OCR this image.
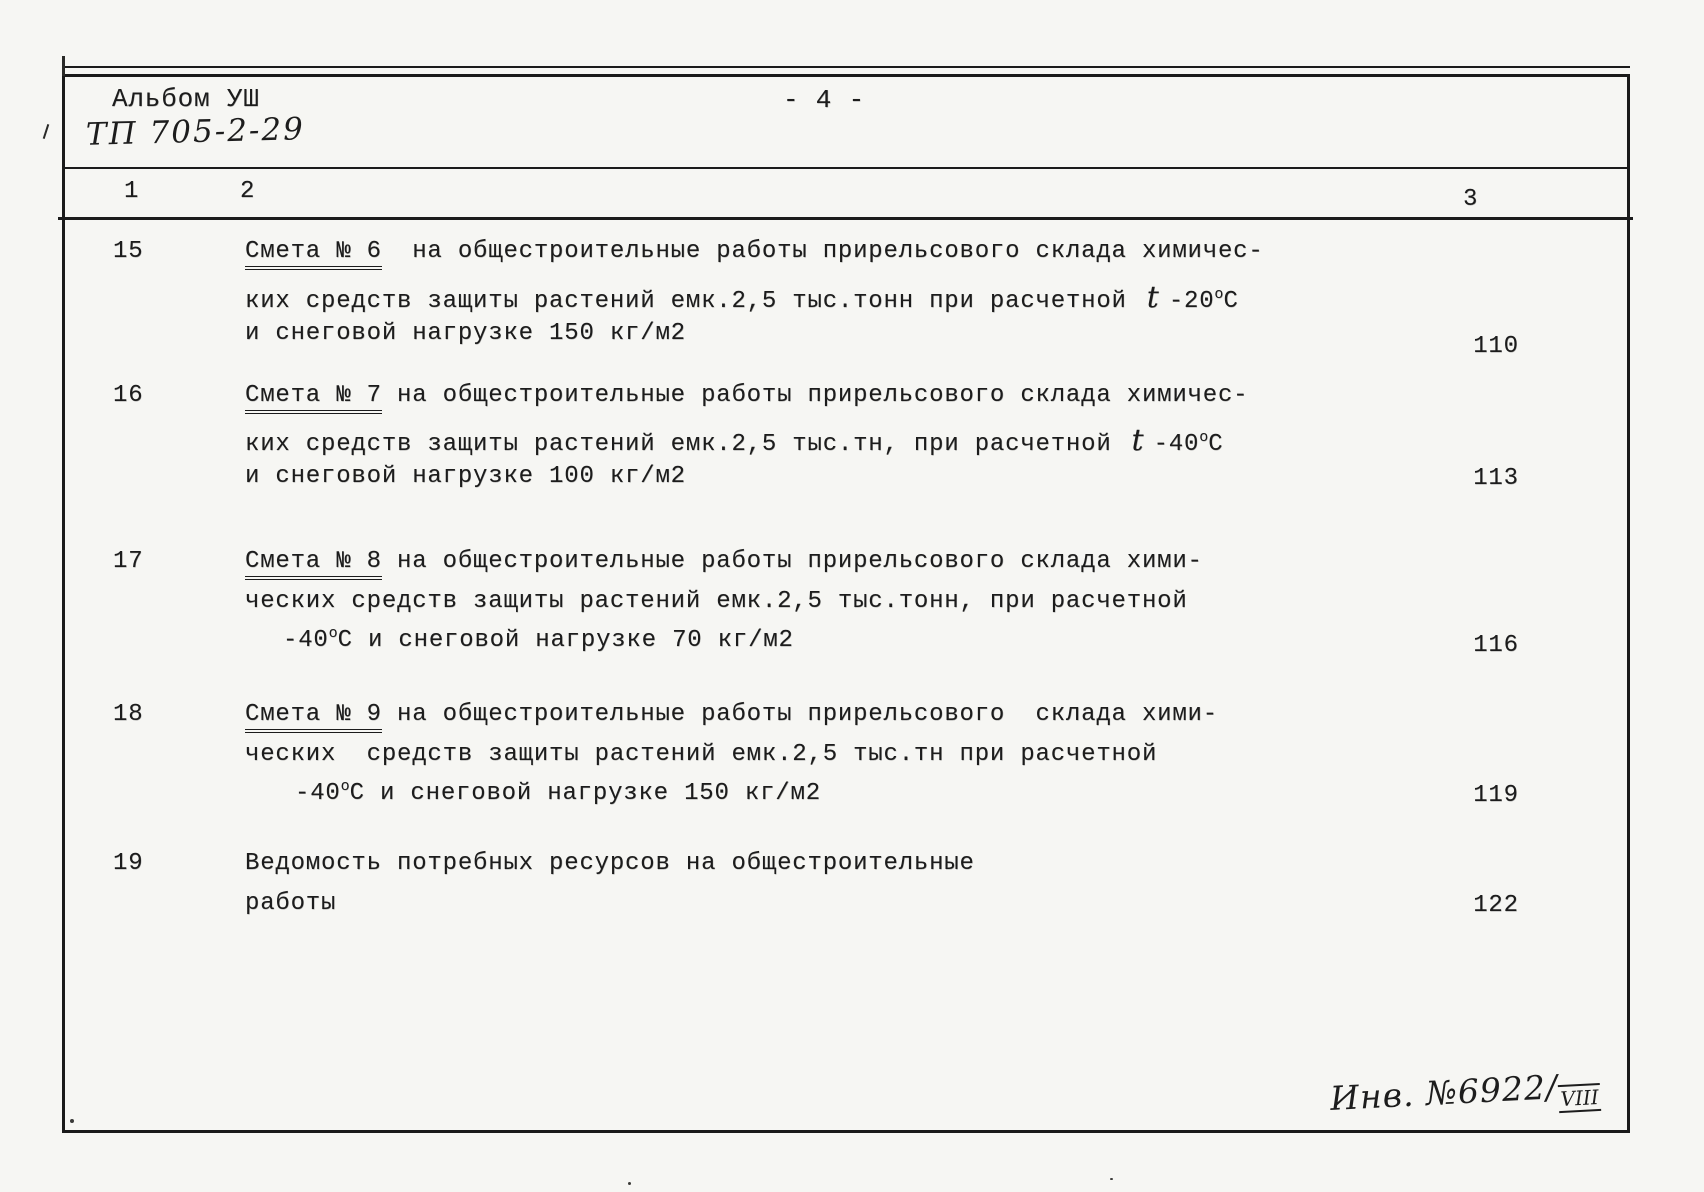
Альбом УШ
ТП 705-2-29
- 4 -
1	2	3
15	Смета № 6  на общестроительные работы прирельсового склада химичес-
ких средств защиты растений емк.2,5 тыс.тонн при расчетной t $-20^оС$
и снеговой нагрузке 150 кг/м2	110
16	Смета № 7 на общестроительные работы прирельсового склада химичес-
ких средств защиты растений емк.2,5 тыс.тн, при расчетной t $-40^оС$
и снеговой нагрузке 100 кг/м2	113
17	Смета № 8 на общестроительные работы прирельсового склада хими-
ческих средств защиты растений емк.2,5 тыс.тонн, при расчетной
$-40^оС$ и снеговой нагрузке 70 кг/м2	116
18	Смета № 9 на общестроительные работы прирельсового  склада хими-
ческих  средств защиты растений емк.2,5 тыс.тн при расчетной
$-40^оС$ и снеговой нагрузке 150 кг/м2	119
19	Ведомость потребных ресурсов на общестроительные
работы	122
Инв. №6922/VIII
